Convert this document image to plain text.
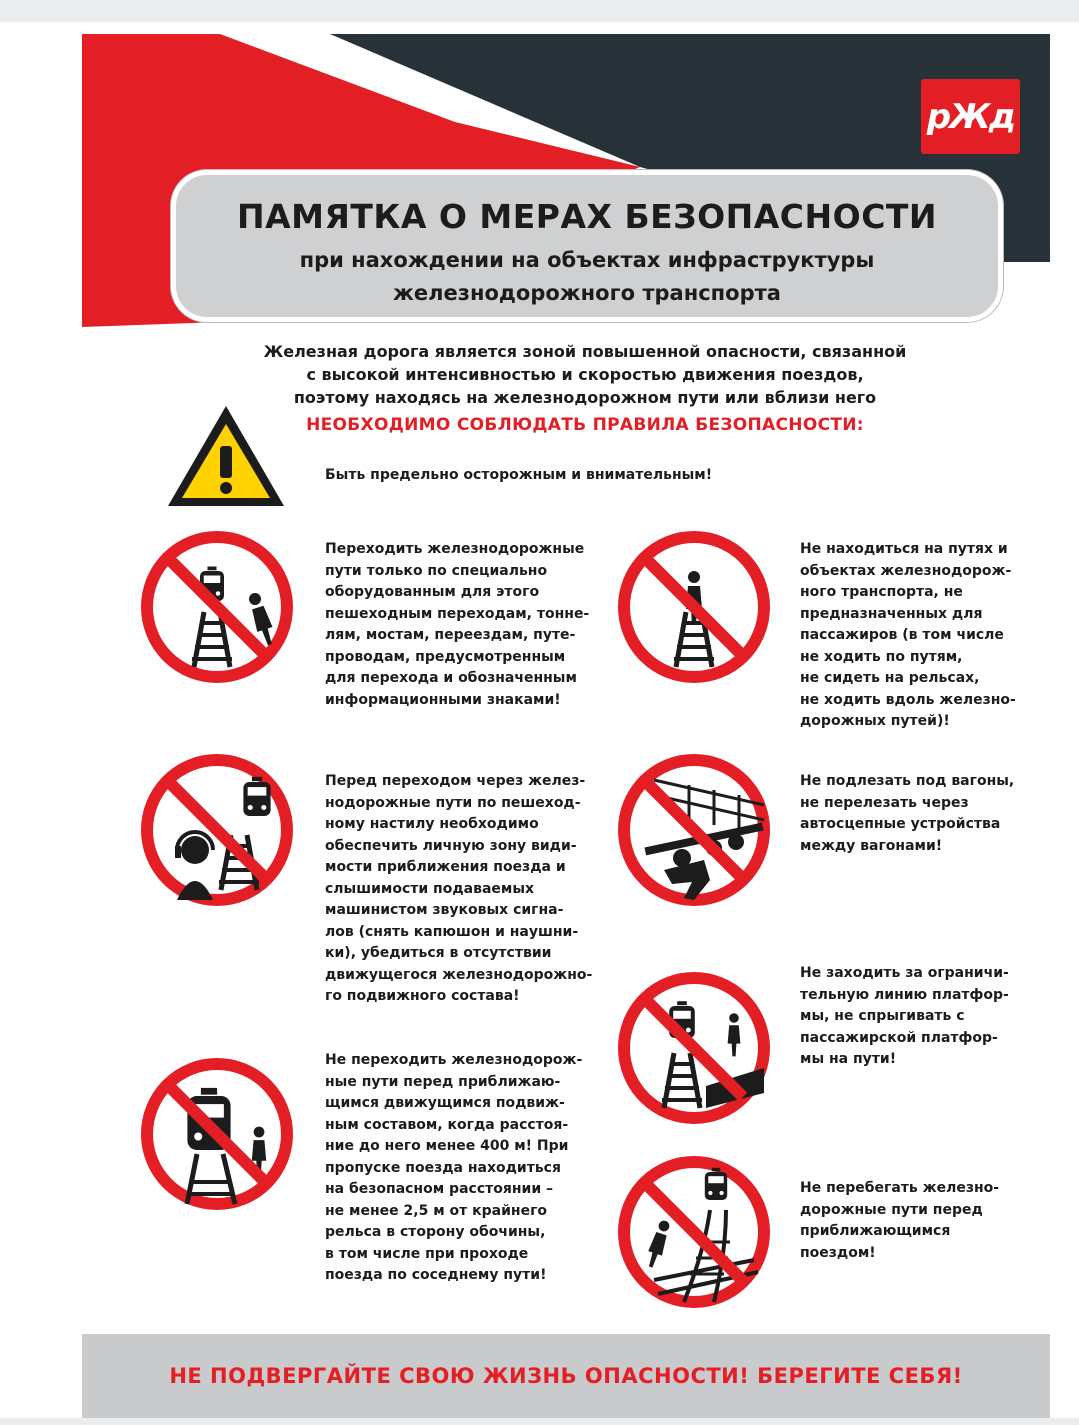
рЖд
ПАМЯТКА О МЕРАХ БЕЗОПАСНОСТИ
при нахождении на объектах инфраструктуры
железнодорожного транспорта
Железная дорога является зоной повышенной опасности, связанной
с высокой интенсивностью и скоростью движения поездов,
поэтому находясь на железнодорожном пути или вблизи него
НЕОБХОДИМО СОБЛЮДАТЬ ПРАВИЛА БЕЗОПАСНОСТИ:
Быть предельно осторожным и внимательным!
Переходить железнодорожные
пути только по специально
оборудованным для этого
пешеходным переходам, тонне-
лям, мостам, переездам, путе-
проводам, предусмотренным
для перехода и обозначенным
информационными знаками!
Перед переходом через желез-
нодорожные пути по пешеход-
ному настилу необходимо
обеспечить личную зону види-
мости приближения поезда и
слышимости подаваемых
машинистом звуковых сигна-
лов (снять капюшон и наушни-
ки), убедиться в отсутствии
движущегося железнодорожно-
го подвижного состава!
Не переходить железнодорож-
ные пути перед приближаю-
щимся движущимся подвиж-
ным составом, когда расстоя-
ние до него менее 400 м! При
пропуске поезда находиться
на безопасном расстоянии –
не менее 2,5 м от крайнего
рельса в сторону обочины,
в том числе при проходе
поезда по соседнему пути!
Не находиться на путях и
объектах железнодорож-
ного транспорта, не
предназначенных для
пассажиров (в том числе
не ходить по путям,
не сидеть на рельсах,
не ходить вдоль железно-
дорожных путей)!
Не подлезать под вагоны,
не перелезать через
автосцепные устройства
между вагонами!
Не заходить за ограничи-
тельную линию платфор-
мы, не спрыгивать с
пассажирской платфор-
мы на пути!
Не перебегать железно-
дорожные пути перед
приближающимся
поездом!
НЕ ПОДВЕРГАЙТЕ СВОЮ ЖИЗНЬ ОПАСНОСТИ! БЕРЕГИТЕ СЕБЯ!
